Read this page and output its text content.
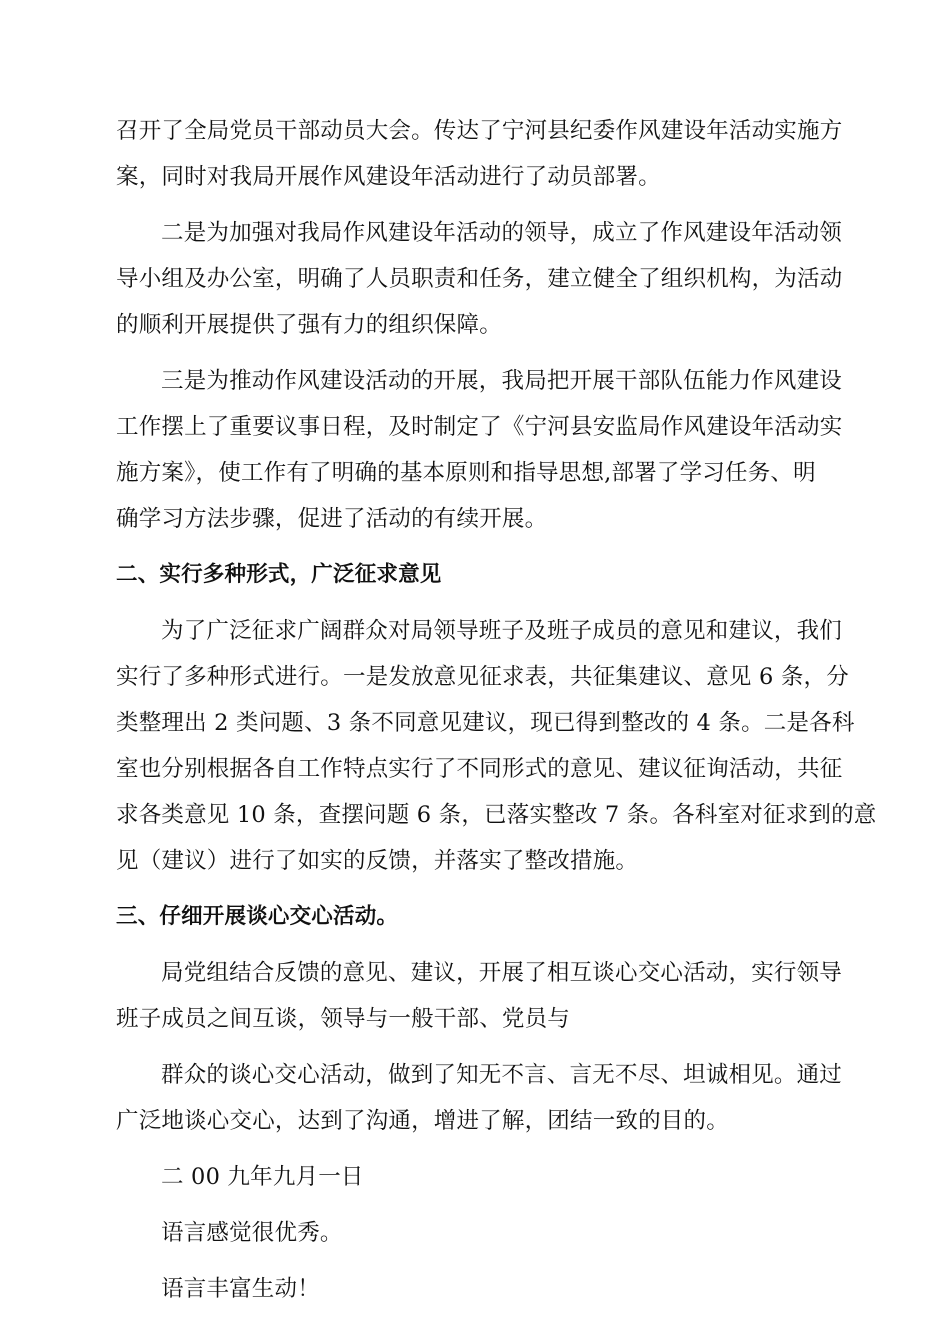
召开了全局党员干部动员大会。传达了宁河县纪委作风建设年活动实施方
案，同时对我局开展作风建设年活动进行了动员部署。
二是为加强对我局作风建设年活动的领导，成立了作风建设年活动领
导小组及办公室，明确了人员职责和任务，建立健全了组织机构，为活动
的顺利开展提供了强有力的组织保障。
三是为推动作风建设活动的开展，我局把开展干部队伍能力作风建设
工作摆上了重要议事日程，及时制定了《宁河县安监局作风建设年活动实
施方案》，使工作有了明确的基本原则和指导思想,部署了学习任务、明
确学习方法步骤，促进了活动的有续开展。
二、实行多种形式，广泛征求意见
为了广泛征求广阔群众对局领导班子及班子成员的意见和建议，我们
实行了多种形式进行。一是发放意见征求表，共征集建议、意见 6 条，分
类整理出 2 类问题、3 条不同意见建议，现已得到整改的 4 条。二是各科
室也分别根据各自工作特点实行了不同形式的意见、建议征询活动，共征
求各类意见 10 条，查摆问题 6 条，已落实整改 7 条。各科室对征求到的意
见（建议）进行了如实的反馈，并落实了整改措施。
三、仔细开展谈心交心活动。
局党组结合反馈的意见、建议，开展了相互谈心交心活动，实行领导
班子成员之间互谈，领导与一般干部、党员与
群众的谈心交心活动，做到了知无不言、言无不尽、坦诚相见。通过
广泛地谈心交心，达到了沟通，增进了解，团结一致的目的。
二 00 九年九月一日
语言感觉很优秀。
语言丰富生动！
